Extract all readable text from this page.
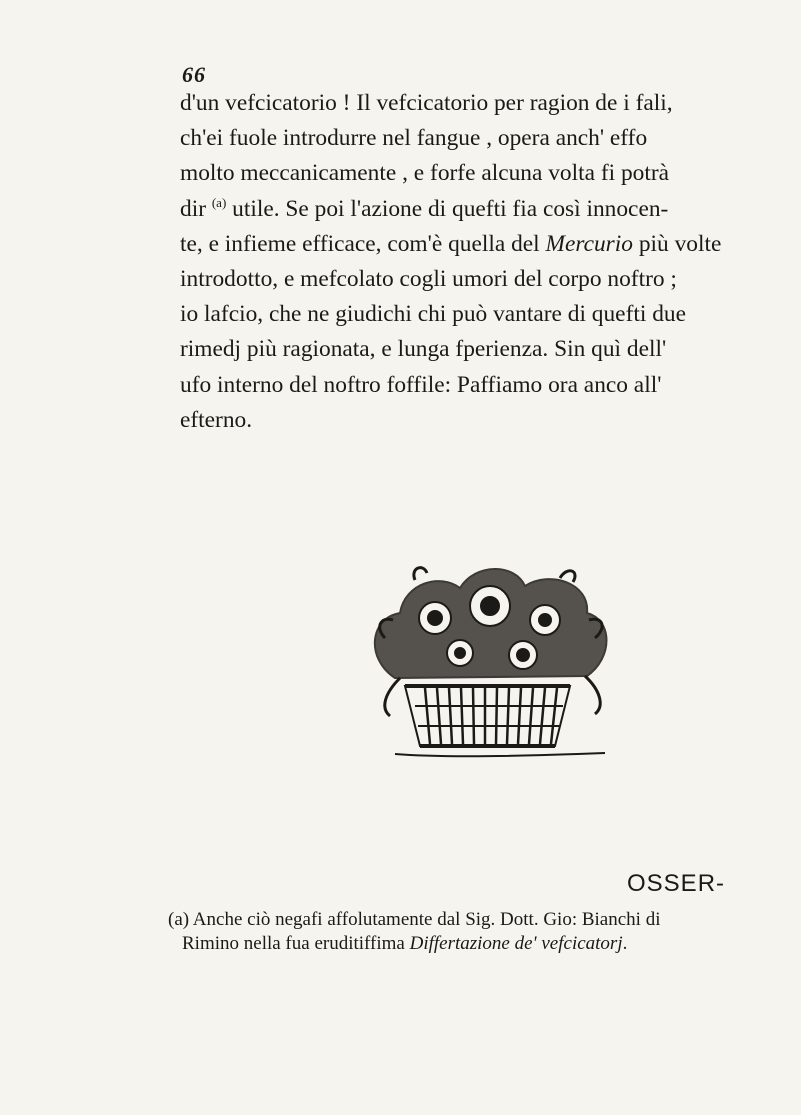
66

d'un vefcicatorio ! Il vefcicatorio per ragion de i fali,
ch'ei fuole introdurre nel fangue , opera anch' effo
molto meccanicamente , e forfe alcuna volta fi potrà
dir $^{(a)}$ utile. Se poi l'azione di quefti fia così innocen-
te, e infieme efficace, com'è quella del Mercurio più volte
introdotto, e mefcolato cogli umori del corpo noftro ;
io lafcio, che ne giudichi chi può vantare di quefti due
rimedj più ragionata, e lunga fperienza. Sin quì dell'
ufo interno del noftro foffile: Paffiamo ora anco all'
efterno.

OSSER-
(a) Anche ciò negafi affolutamente dal Sig. Dott. Gio: Bianchi di
Rimino nella fua eruditiffima Differtazione de' vefcicatorj.
